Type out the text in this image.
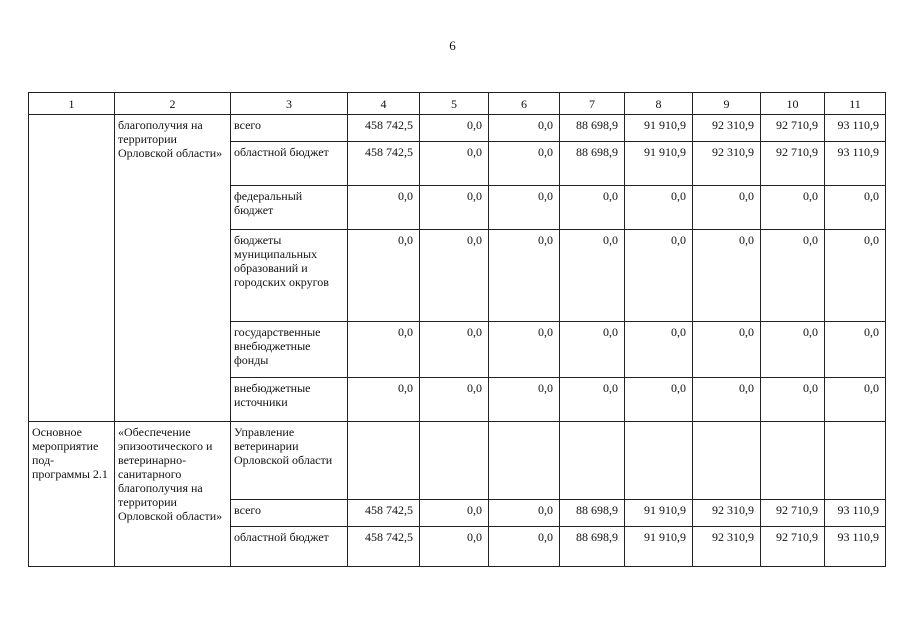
6
1	2	3	4	5	6	7	8	9	10	11
	благополучия на территории Орловской области»	всего	458 742,5	0,0	0,0	88 698,9	91 910,9	92 310,9	92 710,9	93 110,9
		областной бюджет	458 742,5	0,0	0,0	88 698,9	91 910,9	92 310,9	92 710,9	93 110,9
		федеральный бюджет	0,0	0,0	0,0	0,0	0,0	0,0	0,0	0,0
		бюджеты муниципальных образований и городских округов	0,0	0,0	0,0	0,0	0,0	0,0	0,0	0,0
		государственные внебюджетные фонды	0,0	0,0	0,0	0,0	0,0	0,0	0,0	0,0
		внебюджетные источники	0,0	0,0	0,0	0,0	0,0	0,0	0,0	0,0
Основное мероприятие под-программы 2.1	«Обеспечение эпизоотического и ветеринарно-санитарного благополучия на территории Орловской области»	Управление ветеринарии Орловской области								
		всего	458 742,5	0,0	0,0	88 698,9	91 910,9	92 310,9	92 710,9	93 110,9
		областной бюджет	458 742,5	0,0	0,0	88 698,9	91 910,9	92 310,9	92 710,9	93 110,9
